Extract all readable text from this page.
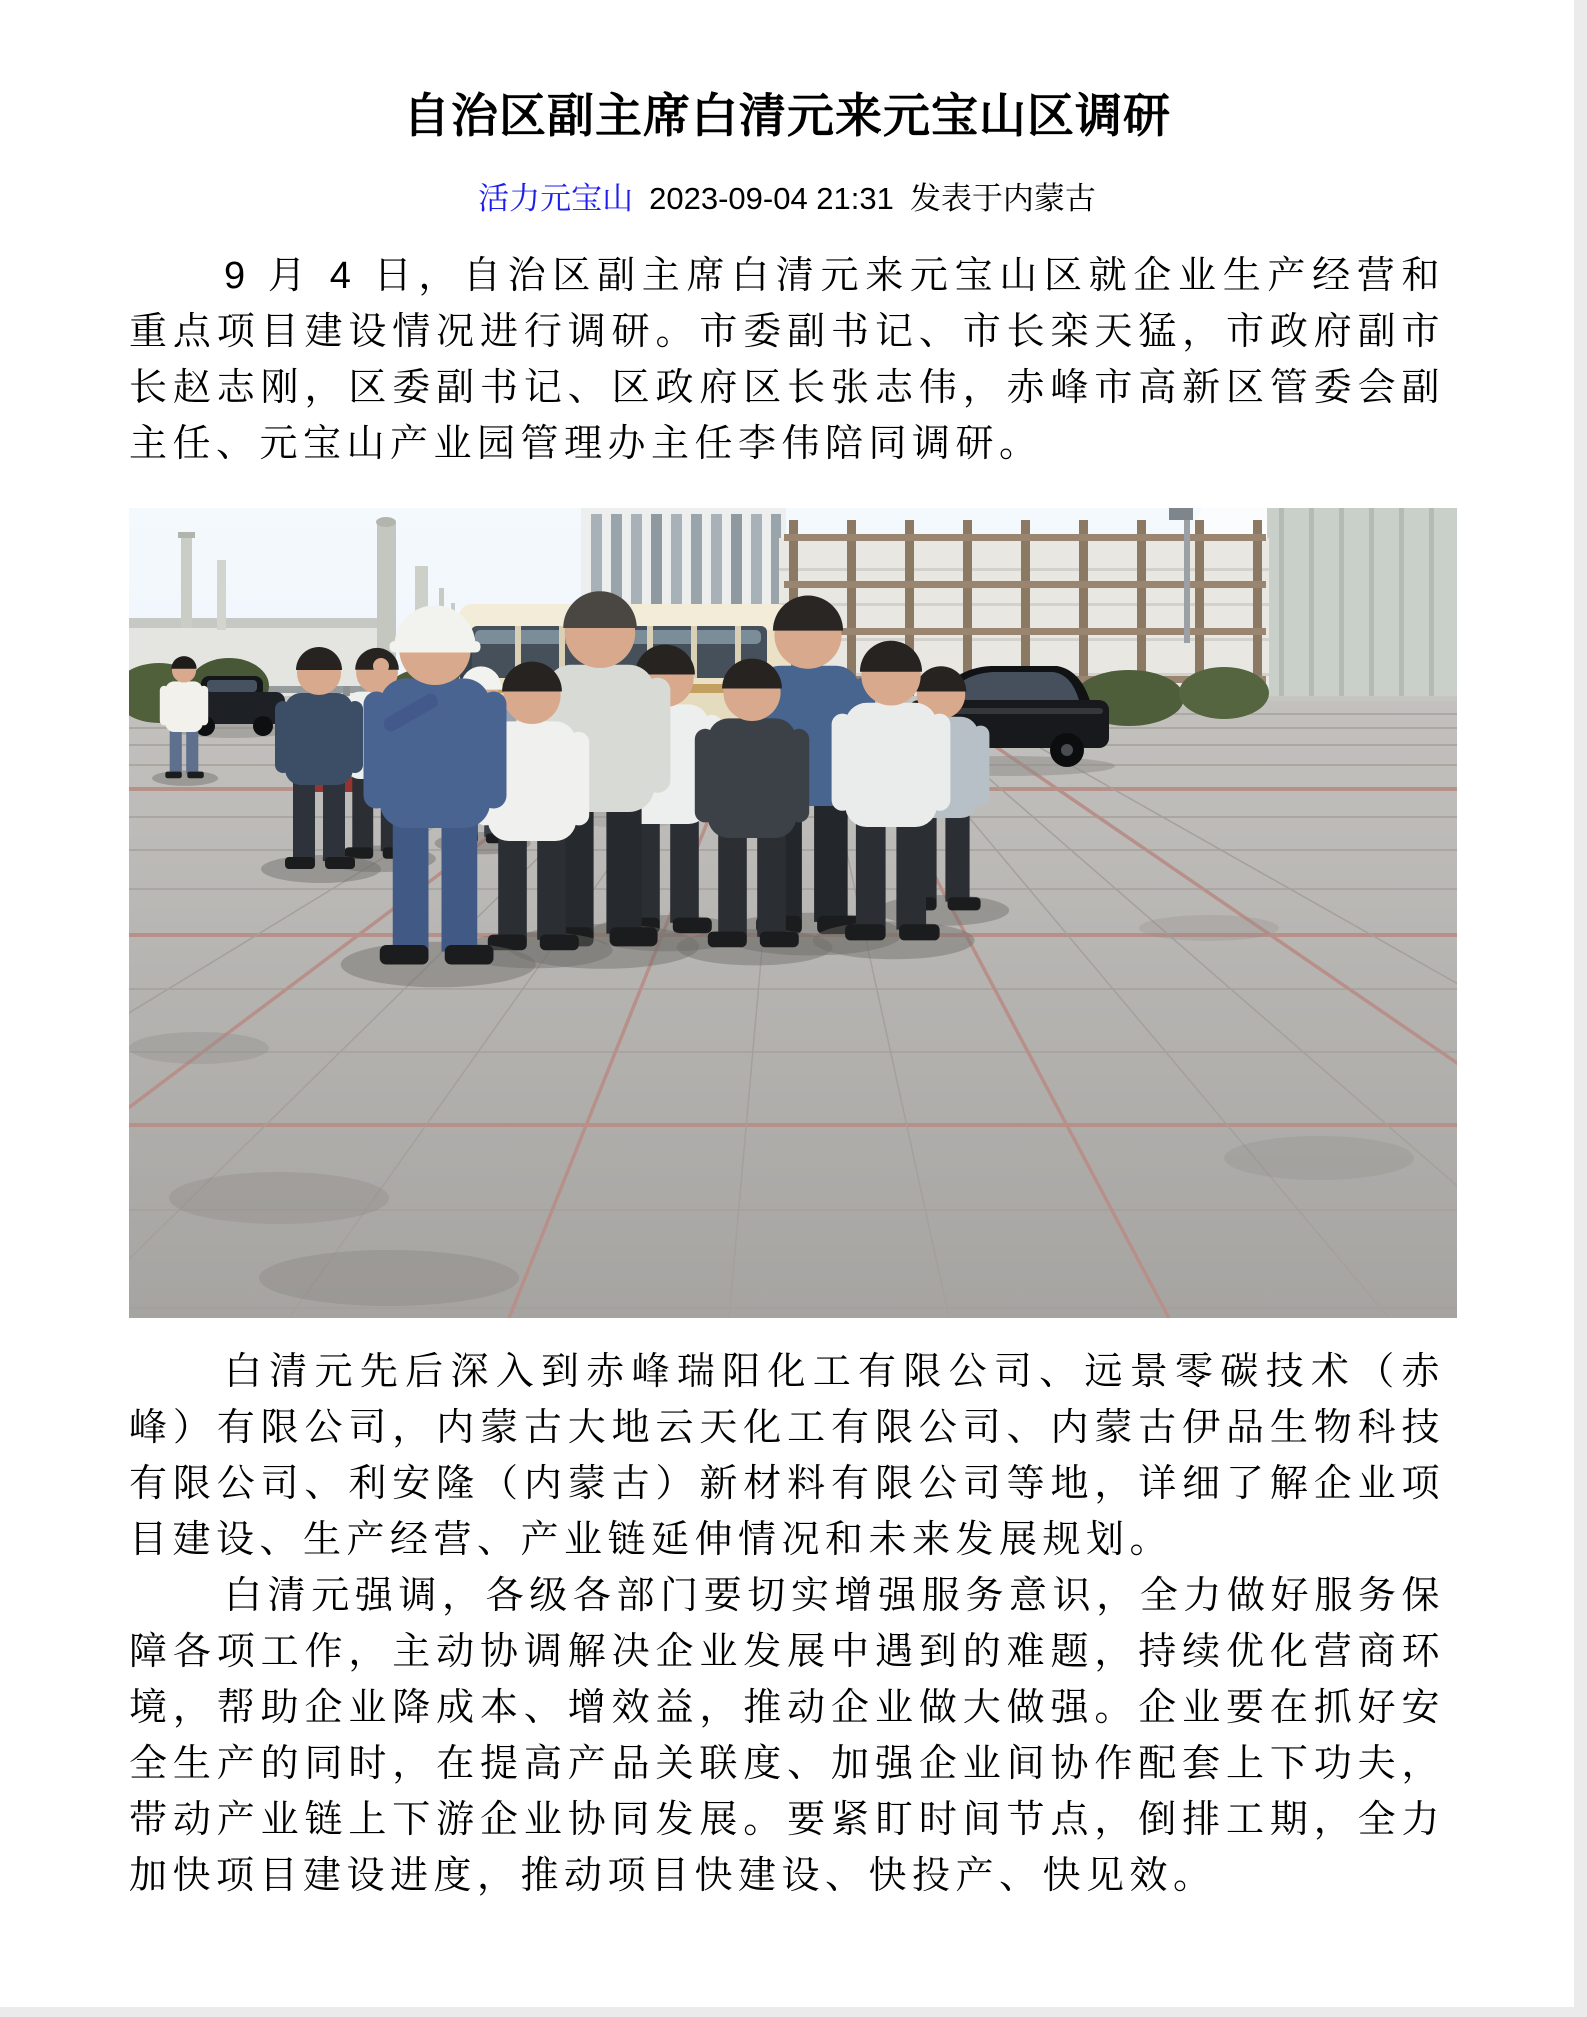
自治区副主席白清元来元宝山区调研
活力元宝山 2023-09-04 21:31 发表于内蒙古

9 月 4 日，自治区副主席白清元来元宝山区就企业生产经营和重点项目建设情况进行调研。市委副书记、市长栾天猛，市政府副市长赵志刚，区委副书记、区政府区长张志伟，赤峰市高新区管委会副主任、元宝山产业园管理办主任李伟陪同调研。

白清元先后深入到赤峰瑞阳化工有限公司、远景零碳技术（赤峰）有限公司，内蒙古大地云天化工有限公司、内蒙古伊品生物科技有限公司、利安隆（内蒙古）新材料有限公司等地，详细了解企业项目建设、生产经营、产业链延伸情况和未来发展规划。

白清元强调，各级各部门要切实增强服务意识，全力做好服务保障各项工作，主动协调解决企业发展中遇到的难题，持续优化营商环境，帮助企业降成本、增效益，推动企业做大做强。企业要在抓好安全生产的同时，在提高产品关联度、加强企业间协作配套上下功夫，带动产业链上下游企业协同发展。要紧盯时间节点，倒排工期，全力加快项目建设进度，推动项目快建设、快投产、快见效。
